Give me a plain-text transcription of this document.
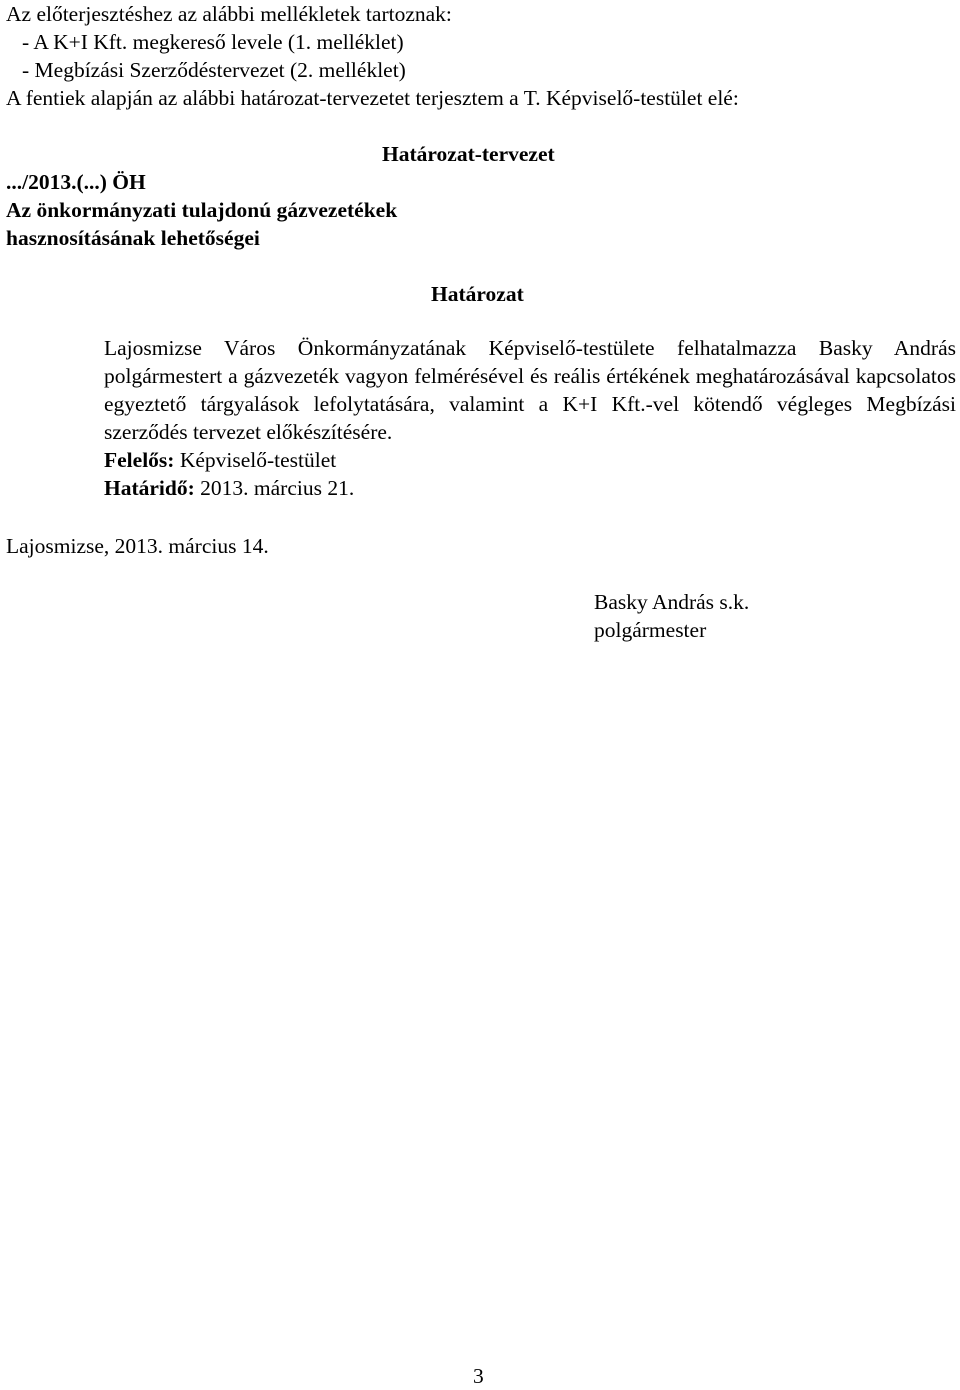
Az előterjesztéshez az alábbi mellékletek tartoznak:
- A K+I Kft. megkereső levele (1. melléklet)
- Megbízási Szerződéstervezet (2. melléklet)
A fentiek alapján az alábbi határozat-tervezetet terjesztem a T. Képviselő-testület elé:
Határozat-tervezet
.../2013.(...) ÖH
Az önkormányzati tulajdonú gázvezetékek
hasznosításának lehetőségei
Határozat

Lajosmizse Város Önkormányzatának Képviselő-testülete felhatalmazza Basky András polgármestert a gázvezeték vagyon felmérésével és reális értékének meghatározásával kapcsolatos egyeztető tárgyalások lefolytatására, valamint a K+I Kft.-vel kötendő végleges Megbízási szerződés tervezet előkészítésére.

Felelős: Képviselő-testület
Határidő: 2013. március 21.
Lajosmizse, 2013. március 14.
Basky András s.k.
polgármester
3
